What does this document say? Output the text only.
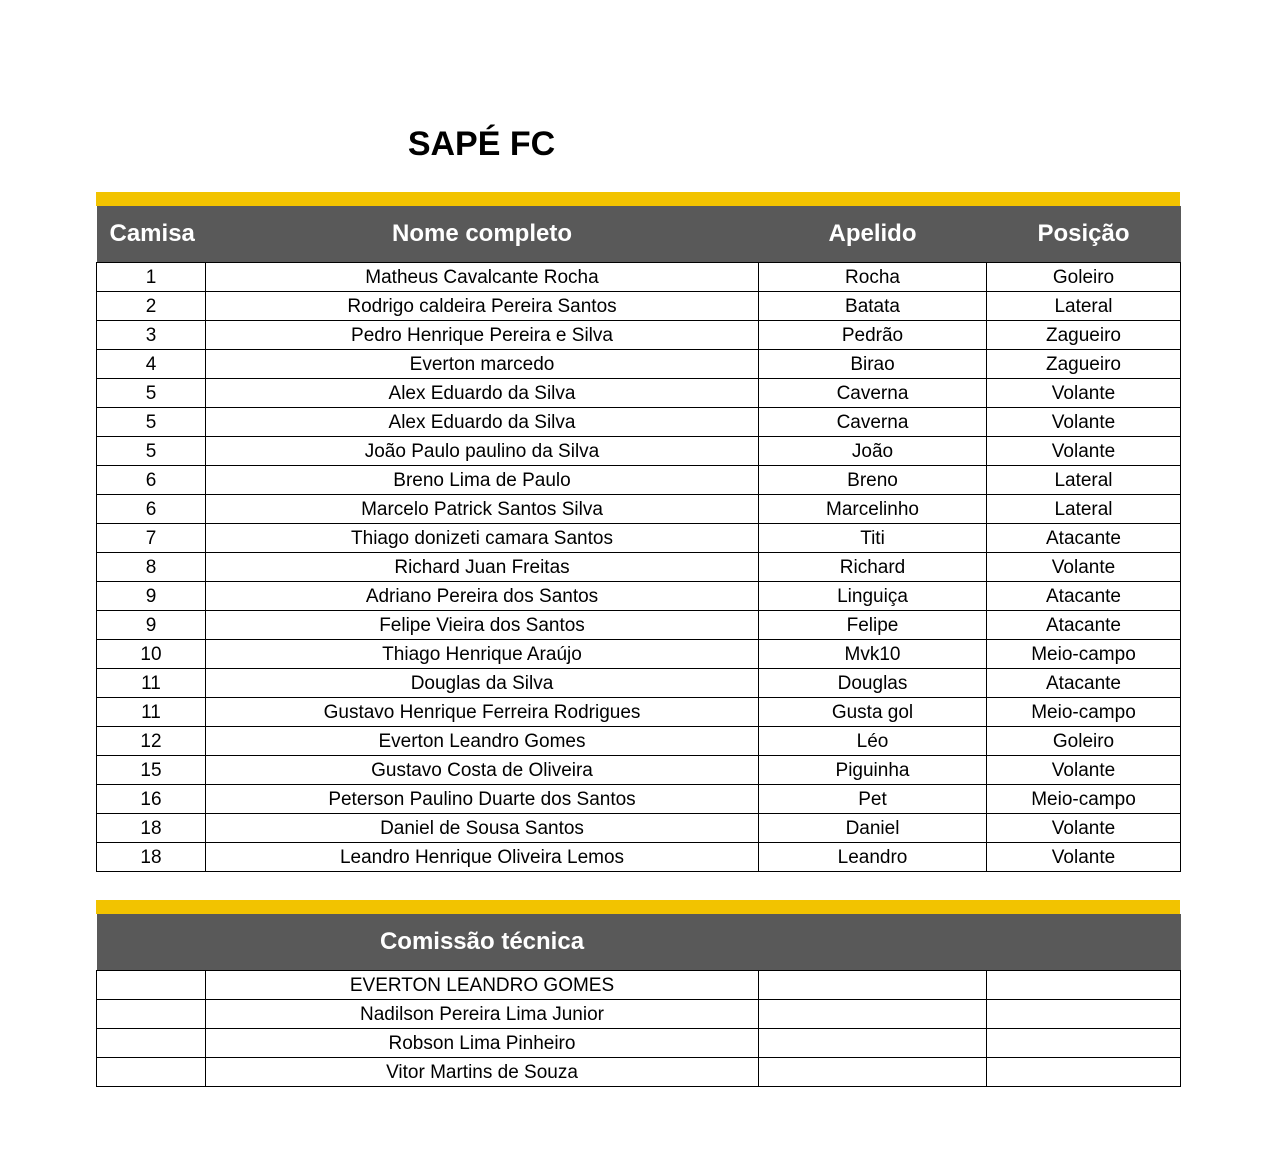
SAPÉ FC
Camisa	Nome completo	Apelido	Posição
1	Matheus Cavalcante Rocha	Rocha	Goleiro
2	Rodrigo caldeira Pereira Santos	Batata	Lateral
3	Pedro Henrique Pereira e Silva	Pedrão	Zagueiro
4	Everton marcedo	Birao	Zagueiro
5	Alex Eduardo da Silva	Caverna	Volante
5	Alex Eduardo da Silva	Caverna	Volante
5	João Paulo paulino da Silva	João	Volante
6	Breno Lima de Paulo	Breno	Lateral
6	Marcelo Patrick Santos Silva	Marcelinho	Lateral
7	Thiago donizeti camara Santos	Titi	Atacante
8	Richard Juan Freitas	Richard	Volante
9	Adriano Pereira dos Santos	Linguiça	Atacante
9	Felipe Vieira dos Santos	Felipe	Atacante
10	Thiago Henrique Araújo	Mvk10	Meio-campo
11	Douglas da Silva	Douglas	Atacante
11	Gustavo Henrique Ferreira Rodrigues	Gusta gol	Meio-campo
12	Everton Leandro Gomes	Léo	Goleiro
15	Gustavo Costa de Oliveira	Piguinha	Volante
16	Peterson Paulino Duarte dos Santos	Pet	Meio-campo
18	Daniel de Sousa Santos	Daniel	Volante
18	Leandro Henrique Oliveira Lemos	Leandro	Volante
	Comissão técnica		
	EVERTON LEANDRO GOMES		
	Nadilson Pereira Lima Junior		
	Robson Lima Pinheiro		
	Vitor Martins de Souza		
